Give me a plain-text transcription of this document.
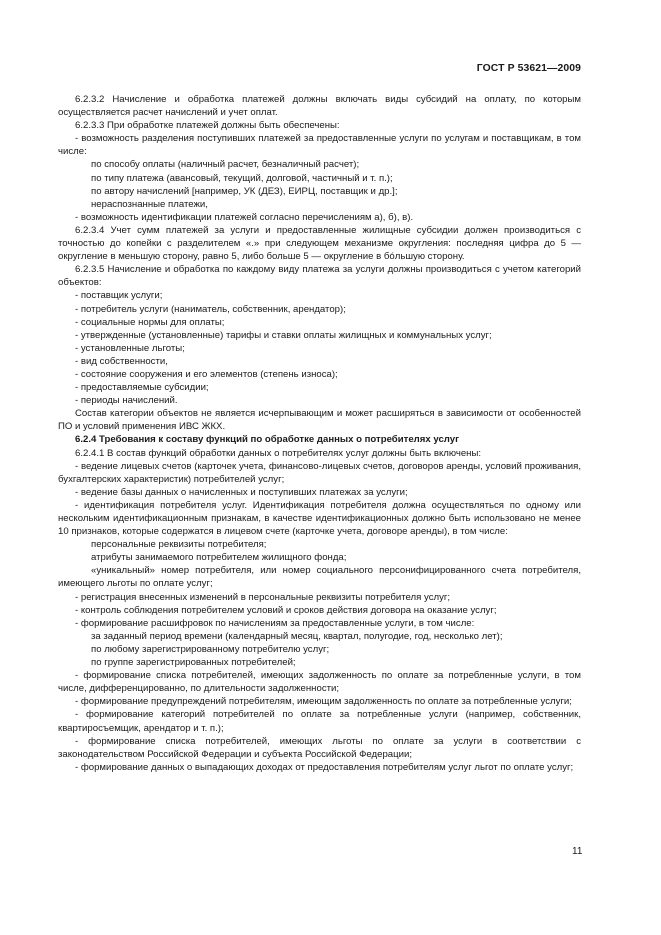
ГОСТ Р 53621—2009

6.2.3.2 Начисление и обработка платежей должны включать виды субсидий на оплату, по которым осуществляется расчет начислений и учет оплат.

6.2.3.3 При обработке платежей должны быть обеспечены:

- возможность разделения поступивших платежей за предоставленные услуги по услугам и поставщикам, в том числе:

по способу оплаты (наличный расчет, безналичный расчет);

по типу платежа (авансовый, текущий, долговой, частичный и т. п.);

по автору начислений [например, УК (ДЕЗ), ЕИРЦ, поставщик и др.];

нераспознанные платежи,

- возможность идентификации платежей согласно перечислениям а), б), в).

6.2.3.4 Учет сумм платежей за услуги и предоставленные жилищные субсидии должен производиться с точностью до копейки с разделителем «.» при следующем механизме округления: последняя цифра до 5 — округление в меньшую сторону, равно 5, либо больше 5 — округление в бóльшую сторону.

6.2.3.5 Начисление и обработка по каждому виду платежа за услуги должны производиться с учетом категорий объектов:

- поставщик услуги;

- потребитель услуги (наниматель, собственник, арендатор);

- социальные нормы для оплаты;

- утвержденные (установленные) тарифы и ставки оплаты жилищных и коммунальных услуг;

- установленные льготы;

- вид собственности,

- состояние сооружения и его элементов (степень износа);

- предоставляемые субсидии;

- периоды начислений.

Состав категории объектов не является исчерпывающим и может расширяться в зависимости от особенностей ПО и условий применения ИВС ЖКХ.

6.2.4 Требования к составу функций по обработке данных о потребителях услуг

6.2.4.1 В состав функций обработки данных о потребителях услуг должны быть включены:

- ведение лицевых счетов (карточек учета, финансово-лицевых счетов, договоров аренды, условий проживания, бухгалтерских характеристик) потребителей услуг;

- ведение базы данных о начисленных и поступивших платежах за услуги;

- идентификация потребителя услуг. Идентификация потребителя должна осуществляться по одному или нескольким идентификационным признакам, в качестве идентификационных должно быть использовано не менее 10 признаков, которые содержатся в лицевом счете (карточке учета, договоре аренды), в том числе:

персональные реквизиты потребителя;

атрибуты занимаемого потребителем жилищного фонда;

«уникальный» номер потребителя, или номер социального персонифицированного счета потребителя, имеющего льготы по оплате услуг;

- регистрация внесенных изменений в персональные реквизиты потребителя услуг;

- контроль соблюдения потребителем условий и сроков действия договора на оказание услуг;

- формирование расшифровок по начислениям за предоставленные услуги, в том числе:

за заданный период времени (календарный месяц, квартал, полугодие, год, несколько лет);

по любому зарегистрированному потребителю услуг;

по группе зарегистрированных потребителей;

- формирование списка потребителей, имеющих задолженность по оплате за потребленные услуги, в том числе, дифференцированно, по длительности задолженности;

- формирование предупреждений потребителям, имеющим задолженность по оплате за потребленные услуги;

- формирование категорий потребителей по оплате за потребленные услуги (например, собственник, квартиросъемщик, арендатор и т. п.);

- формирование списка потребителей, имеющих льготы по оплате за услуги в соответствии с законодательством Российской Федерации и субъекта Российской Федерации;

- формирование данных о выпадающих доходах от предоставления потребителям услуг льгот по оплате услуг;

11
